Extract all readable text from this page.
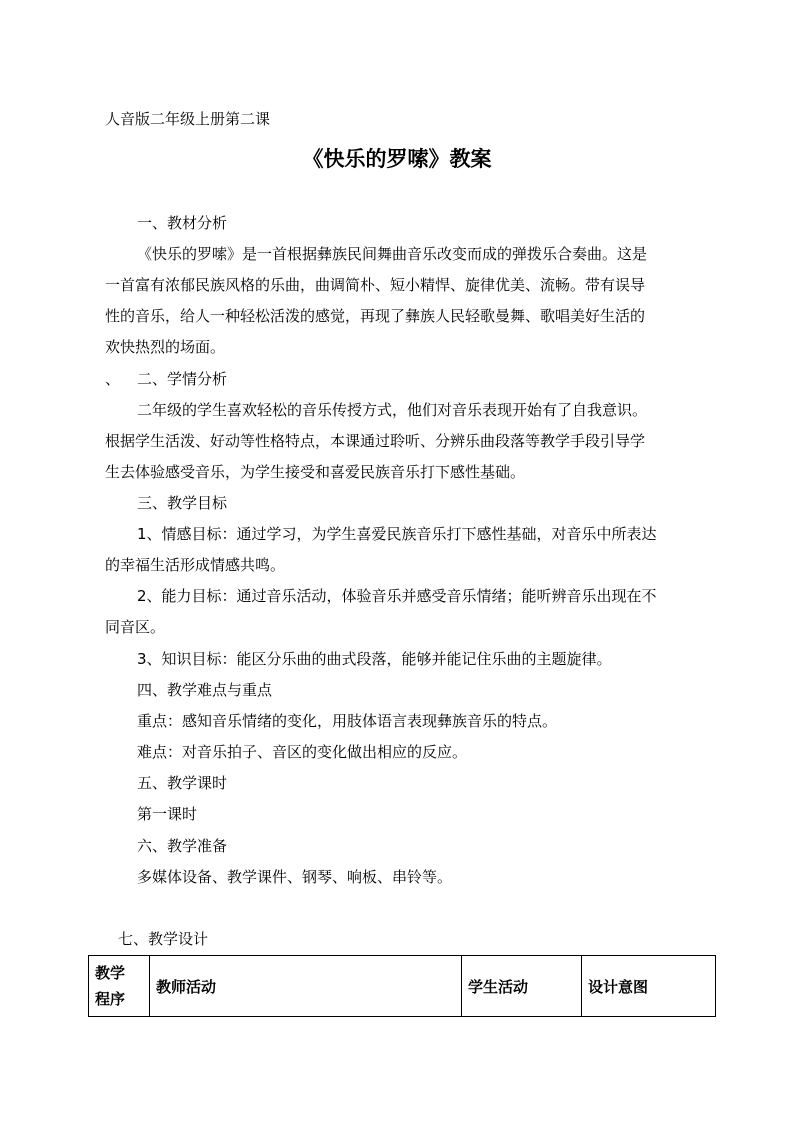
人音版二年级上册第二课
《快乐的罗嗦》教案
一、教材分析
《快乐的罗嗦》是一首根据彝族民间舞曲音乐改变而成的弹拨乐合奏曲。这是
一首富有浓郁民族风格的乐曲，曲调简朴、短小精悍、旋律优美、流畅。带有误导
性的音乐，给人一种轻松活泼的感觉，再现了彝族人民轻歌曼舞、歌唱美好生活的
欢快热烈的场面。
、 二、学情分析
二年级的学生喜欢轻松的音乐传授方式，他们对音乐表现开始有了自我意识。
根据学生活泼、好动等性格特点，本课通过聆听、分辨乐曲段落等教学手段引导学
生去体验感受音乐，为学生接受和喜爱民族音乐打下感性基础。
三、教学目标
1、情感目标：通过学习，为学生喜爱民族音乐打下感性基础，对音乐中所表达
的幸福生活形成情感共鸣。
2、能力目标：通过音乐活动，体验音乐并感受音乐情绪；能听辨音乐出现在不
同音区。
3、知识目标：能区分乐曲的曲式段落，能够并能记住乐曲的主题旋律。
四、教学难点与重点
重点：感知音乐情绪的变化，用肢体语言表现彝族音乐的特点。
难点：对音乐拍子、音区的变化做出相应的反应。
五、教学课时
第一课时
六、教学准备
多媒体设备、教学课件、钢琴、响板、串铃等。
七、教学设计
教学
程序
	教师活动	学生活动	设计意图
